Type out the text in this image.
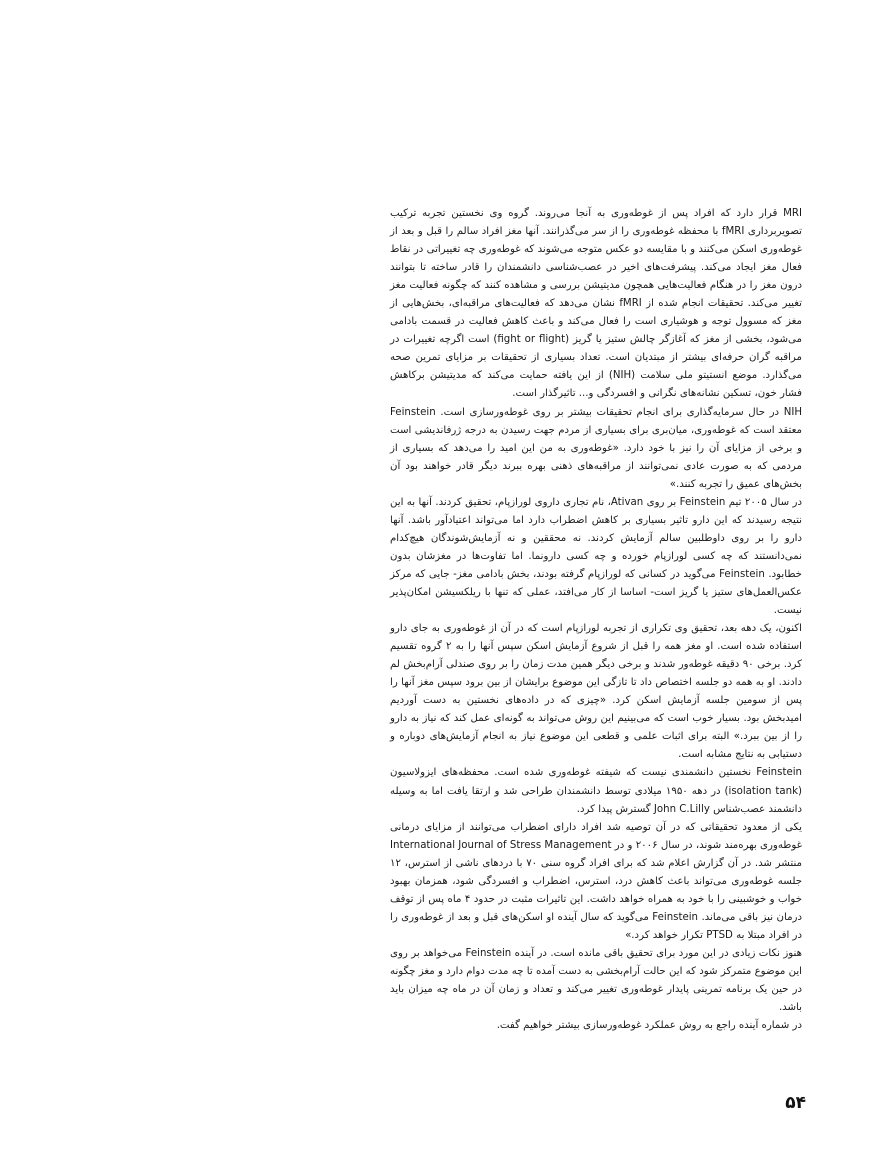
MRI قرار دارد که افراد پس از غوطه‌وری به آنجا می‌روند. گروه وی نخستین تجربه ترکیب تصویربرداری fMRI با محفظه غوطه‌وری را از سر می‌گذرانند. آنها مغز افراد سالم را قبل و بعد از غوطه‌وری اسکن می‌کنند و با مقایسه دو عکس متوجه می‌شوند که غوطه‌وری چه تغییراتی در نقاط فعال مغز ایجاد می‌کند. پیشرفت‌های اخیر در عصب‌شناسی دانشمندان را قادر ساخته تا بتوانند درون مغز را در هنگام فعالیت‌هایی همچون مدیتیشن بررسی و مشاهده کنند که چگونه فعالیت مغز تغییر می‌کند. تحقیقات انجام شده از fMRI نشان می‌دهد که فعالیت‌های مراقبه‌ای، بخش‌هایی از مغز که مسوول توجه و هوشیاری است را فعال می‌کند و باعث کاهش فعالیت در قسمت بادامی می‌شود، بخشی از مغز که آغازگر چالش ستیز یا گریز (fight or flight) است اگرچه تغییرات در مراقبه گران حرفه‌ای بیشتر از مبتدیان است. تعداد بسیاری از تحقیقات بر مزایای تمرین صحه می‌گذارد. موضع انستیتو ملی سلامت (NIH) از این یافته حمایت می‌کند که مدیتیشن برکاهش فشار خون، تسکین نشانه‌های نگرانی و افسردگی و... تاثیرگذار است.

NIH در حال سرمایه‌گذاری برای انجام تحقیقات بیشتر بر روی غوطه‌ورسازی است. Feinstein معتقد است که غوطه‌وری، میان‌بری برای بسیاری از مردم جهت رسیدن به درجه ژرفاندیشی است و برخی از مزایای آن را نیز با خود دارد. «غوطه‌وری به من این امید را می‌دهد که بسیاری از مردمی که به صورت عادی نمی‌توانند از مراقبه‌های ذهنی بهره ببرند دیگر قادر خواهند بود آن بخش‌های عمیق را تجربه کنند.»

در سال ۲۰۰۵ تیم Feinstein بر روی Ativan، نام تجاری داروی لورازپام، تحقیق کردند. آنها به این نتیجه رسیدند که این دارو تاثیر بسیاری بر کاهش اضطراب دارد اما می‌تواند اعتیادآور باشد. آنها دارو را بر روی داوطلبین سالم آزمایش کردند. نه محققین و نه آزمایش‌شوندگان هیچ‌کدام نمی‌دانستند که چه کسی لورازپام خورده و چه کسی دارونما. اما تفاوت‌ها در مغزشان بدون خطابود. Feinstein می‌گوید در کسانی که لورازپام گرفته بودند، بخش بادامی مغز- جایی که مرکز عکس‌العمل‌های ستیز یا گریز است- اساسا از کار می‌افتد، عملی که تنها با ریلکسیشن امکان‌پذیر نیست.

اکنون، یک دهه بعد، تحقیق وی تکراری از تجربه لورازپام است که در آن از غوطه‌وری به جای دارو استفاده شده است. او مغز همه را قبل از شروع آزمایش اسکن سپس آنها را به ۲ گروه تقسیم کرد. برخی ۹۰ دقیقه غوطه‌ور شدند و برخی دیگر همین مدت زمان را بر روی صندلی آرام‌بخش لم دادند. او به همه دو جلسه اختصاص داد تا تازگی این موضوع برایشان از بین برود سپس مغز آنها را پس از سومین جلسه آزمایش اسکن کرد. «چیزی که در داده‌های نخستین به دست آوردیم امیدبخش بود. بسیار خوب است که می‌بینیم این روش می‌تواند به گونه‌ای عمل کند که نیاز به دارو را از بین ببرد.» البته برای اثبات علمی و قطعی این موضوع نیاز به انجام آزمایش‌های دوباره و دستیابی به نتایج مشابه است.

Feinstein نخستین دانشمندی نیست که شیفته غوطه‌وری شده است. محفظه‌های ایزولاسیون (isolation tank) در دهه ۱۹۵۰ میلادی توسط دانشمندان طراحی شد و ارتقا یافت اما به وسیله دانشمند عصب‌شناس John C.Lilly گسترش پیدا کرد.

یکی از معدود تحقیقاتی که در آن توصیه شد افراد دارای اضطراب می‌توانند از مزایای درمانی غوطه‌وری بهره‌مند شوند، در سال ۲۰۰۶ و در International Journal of Stress Management منتشر شد. در آن گزارش اعلام شد که برای افراد گروه سنی ۷۰ با دردهای ناشی از استرس، ۱۲ جلسه غوطه‌وری می‌تواند باعث کاهش درد، استرس، اضطراب و افسردگی شود، همزمان بهبود خواب و خوشبینی را با خود به همراه خواهد داشت. این تاثیرات مثبت در حدود ۴ ماه پس از توقف درمان نیز باقی می‌ماند. Feinstein می‌گوید که سال آینده او اسکن‌های قبل و بعد از غوطه‌وری را در افراد مبتلا به PTSD تکرار خواهد کرد.»

هنوز نکات زیادی در این مورد برای تحقیق باقی مانده است. در آینده Feinstein می‌خواهد بر روی این موضوع متمرکز شود که این حالت آرام‌بخشی به دست آمده تا چه مدت دوام دارد و مغز چگونه در حین یک برنامه تمرینی پایدار غوطه‌وری تغییر می‌کند و تعداد و زمان آن در ماه چه میزان باید باشد.

در شماره آینده راجع به روش عملکرد غوطه‌ورسازی بیشتر خواهیم گفت.

۵۴
